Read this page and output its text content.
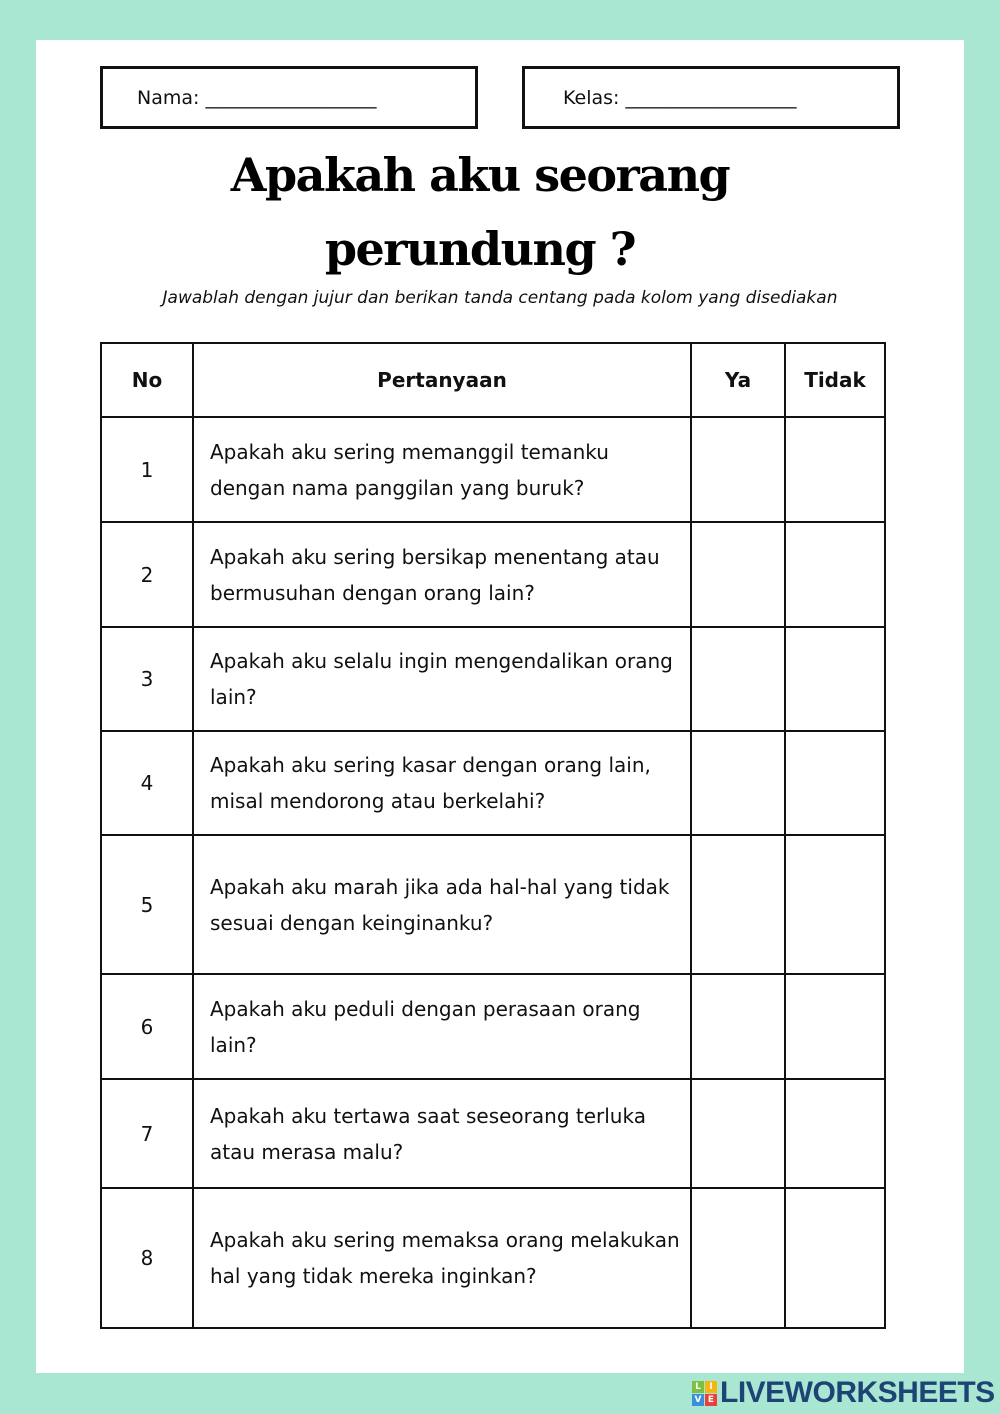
Nama: __________________	Kelas: __________________
Apakah aku seorang
perundung ?
Jawablah dengan jujur dan berikan tanda centang pada kolom yang disediakan
No	Pertanyaan	Ya	Tidak
1	Apakah aku sering memanggil temanku dengan nama panggilan yang buruk?		
2	Apakah aku sering bersikap menentang atau bermusuhan dengan orang lain?		
3	Apakah aku selalu ingin mengendalikan orang lain?		
4	Apakah aku sering kasar dengan orang lain, misal mendorong atau berkelahi?		
5	Apakah aku marah jika ada hal-hal yang tidak sesuai dengan keinginanku?		
6	Apakah aku peduli dengan perasaan orang lain?		
7	Apakah aku tertawa saat seseorang terluka atau merasa malu?		
8	Apakah aku sering memaksa orang melakukan hal yang tidak mereka inginkan?		
L I
V E LIVEWORKSHEETS
